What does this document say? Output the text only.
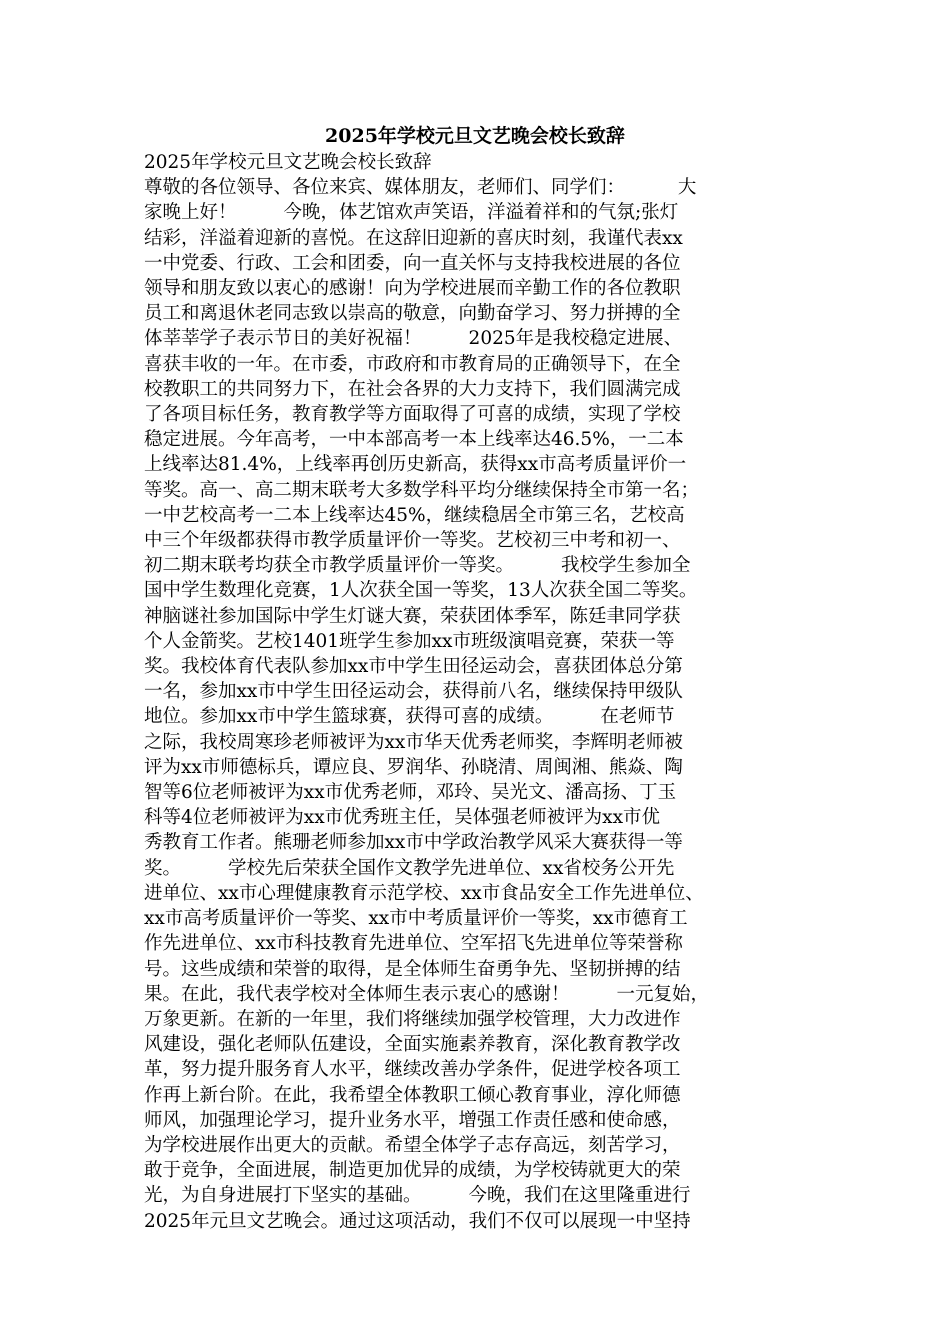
2025年学校元旦文艺晚会校长致辞
2025年学校元旦文艺晚会校长致辞
尊敬的各位领导、各位来宾、媒体朋友，老师们、同学们：         大
家晚上好！        今晚，体艺馆欢声笑语，洋溢着祥和的气氛;张灯
结彩，洋溢着迎新的喜悦。在这辞旧迎新的喜庆时刻，我谨代表xx
一中党委、行政、工会和团委，向一直关怀与支持我校进展的各位
领导和朋友致以衷心的感谢！向为学校进展而辛勤工作的各位教职
员工和离退休老同志致以崇高的敬意，向勤奋学习、努力拼搏的全
体莘莘学子表示节日的美好祝福！        2025年是我校稳定进展、
喜获丰收的一年。在市委，市政府和市教育局的正确领导下，在全
校教职工的共同努力下，在社会各界的大力支持下，我们圆满完成
了各项目标任务，教育教学等方面取得了可喜的成绩，实现了学校
稳定进展。今年高考，一中本部高考一本上线率达46.5%，一二本
上线率达81.4%，上线率再创历史新高，获得xx市高考质量评价一
等奖。高一、高二期末联考大多数学科平均分继续保持全市第一名；
一中艺校高考一二本上线率达45%，继续稳居全市第三名，艺校高
中三个年级都获得市教学质量评价一等奖。艺校初三中考和初一、
初二期末联考均获全市教学质量评价一等奖。        我校学生参加全
国中学生数理化竞赛，1人次获全国一等奖，13人次获全国二等奖。
神脑谜社参加国际中学生灯谜大赛，荣获团体季军，陈廷聿同学获
个人金箭奖。艺校1401班学生参加xx市班级演唱竞赛，荣获一等
奖。我校体育代表队参加xx市中学生田径运动会，喜获团体总分第
一名，参加xx市中学生田径运动会，获得前八名，继续保持甲级队
地位。参加xx市中学生篮球赛，获得可喜的成绩。        在老师节
之际，我校周寒珍老师被评为xx市华天优秀老师奖，李辉明老师被
评为xx市师德标兵，谭应良、罗润华、孙晓清、周闽湘、熊焱、陶
智等6位老师被评为xx市优秀老师，邓玲、吴光文、潘高扬、丁玉
科等4位老师被评为xx市优秀班主任，吴体强老师被评为xx市优
秀教育工作者。熊珊老师参加xx市中学政治教学风采大赛获得一等
奖。        学校先后荣获全国作文教学先进单位、xx省校务公开先
进单位、xx市心理健康教育示范学校、xx市食品安全工作先进单位、
xx市高考质量评价一等奖、xx市中考质量评价一等奖，xx市德育工
作先进单位、xx市科技教育先进单位、空军招飞先进单位等荣誉称
号。这些成绩和荣誉的取得，是全体师生奋勇争先、坚韧拼搏的结
果。在此，我代表学校对全体师生表示衷心的感谢！        一元复始，
万象更新。在新的一年里，我们将继续加强学校管理，大力改进作
风建设，强化老师队伍建设，全面实施素养教育，深化教育教学改
革，努力提升服务育人水平，继续改善办学条件，促进学校各项工
作再上新台阶。在此，我希望全体教职工倾心教育事业，淳化师德
师风，加强理论学习，提升业务水平，增强工作责任感和使命感，
为学校进展作出更大的贡献。希望全体学子志存高远，刻苦学习，
敢于竞争，全面进展，制造更加优异的成绩，为学校铸就更大的荣
光，为自身进展打下坚实的基础。        今晚，我们在这里隆重进行
2025年元旦文艺晚会。通过这项活动，我们不仅可以展现一中坚持
